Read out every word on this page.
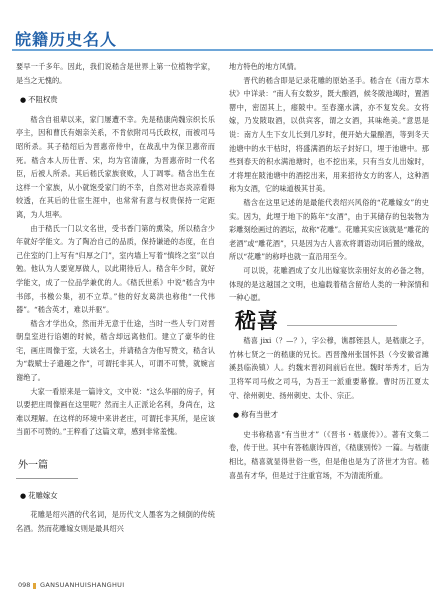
皖籍历史名人

要早一千多年。因此，我们说嵇含是世界上第一位植物学家，是当之无愧的。

● 不阻权贵

嵇含自祖辈以来，家门屡遭不幸。先是嵇康尚魏宗织长乐亭主，因和曹氏有姻亲关系，不肯依附司马氏政权，而被司马昭所杀。其子嵇绍后为晋惠帝侍中，在战乱中为保卫惠帝而死。嵇含本人历仕晋、宋，均为官清廉，为晋惠帝时一代名臣，后被人所杀。其后嵇氏家族衰败，人丁凋零。嵇含出生在这样一个家族，从小就饱受家门的不幸，自然对世态炎凉看得较透，在其后的仕宦生涯中，也常常有意与权贵保持一定距离，为人坦率。

由于嵇氏一门以文名世，受书香门第的熏染，所以嵇含少年就好学能文。为了陶冶自己的品质，保持谦逊的态度，在自己住室的门上写有“归厚之门”，室内墙上写着“慎终之室”以自勉。他认为人要宽厚做人，以此期待后人。嵇含年少时，就好学能文，成了一位品学兼优的人。《嵇氏世系》中说“嵇含为中书郎，书檄公集，初不立草。”他的好友葛洪也称他“一代伟器”。“嵇含英才，难以并驱”。

嵇含才学出众，然而并无意于仕途，当时一些人专门对晋朝皇室进行谄媚的时候，嵇含却远离他们。建立了豪华的住宅，画庄周像于室，大谈名士，并请嵇含为他写赞文，嵇含认为“载赋士子遗趣之作”，可谓托非其人，可谓不可赞，就婉言谢绝了。

大家一看原来是一篇诗文，文中说：“这么华丽的房子，何以要把庄周像画在这里呢？然而主人正派论名利，身尚在，这难以理解。在这样的环境中来讲老庄，可谓托非其所，是应该当面不可赞的。”王粹看了这篇文章，感到非常羞愧。

外一篇
● 花雕嫁女

花雕是绍兴酒的代名词，是历代文人墨客为之倾倒的传统名酒。然而花雕嫁女则是最具绍兴

地方特色的地方风情。

晋代的嵇含即是记录花雕的原始圣手。嵇含在《南方草木状》中详录：“南人有女数岁，既大酿酒，候冬陂池竭时，置酒罂中，密固其上，瘗陂中。至春潴水满，亦不复发矣。女将嫁，乃发陂取酒，以供宾客，谓之女酒，其味绝美。”意思是说：南方人生下女儿长到几岁时，便开始大量酿酒，等到冬天池塘中的水干枯时，将盛满酒的坛子封好口，埋于池塘中。那些到春天的积水满池塘时，也不挖出来，只有当女儿出嫁时，才将埋在陂池塘中的酒挖出来，用来招待女方的客人，这种酒称为女酒，它的味道极其甘美。

嵇含在这里记述的是最能代表绍兴风俗的“花雕嫁女”的史实。因为，此埋于地下的陈年“女酒”，由于其储存的包装物为彩雕刻绘画过的酒坛，故称“花雕”。花雕其实应该就是“雕花的老酒”或“雕花酒”，只是因为古人喜欢将谓语动词后置的缘故，所以“花雕”的称呼也就一直沿用至今。

可以说，花雕酒成了女儿出嫁宴饮亲朋好友的必备之物，体现的是这越国之文明，也遍载着嵇含留给人类的一种深情和一种心愿。

嵇喜

嵇喜 jixi（？—？），字公穆，谯郡铚县人，是嵇康之子，竹林七贤之一的嵇康的兄长。西晋豫州张国怀县（今安徽省濉溪县临涣镇）人。约魏末晋初间前后在世。魏时举秀才，后为卫将军司马攸之司马，为吾王一派重要幕僚。曹时历江夏太守、徐州刺史、扬州刺史、太仆、宗正。

● 称有当世才

史书称嵇喜“有当世才”（《晋书・嵇康传》）。著有文集二卷，传于世。其中有答嵇康诗四首，《嵇康别传》一篇。与嵇康相比，嵇喜就显得世俗一些，但是他也是为了济世才为官。嵇喜虽有才华，但是过于注重官场，不为清流所重。

098 GANSUANHUISHANGHUI
